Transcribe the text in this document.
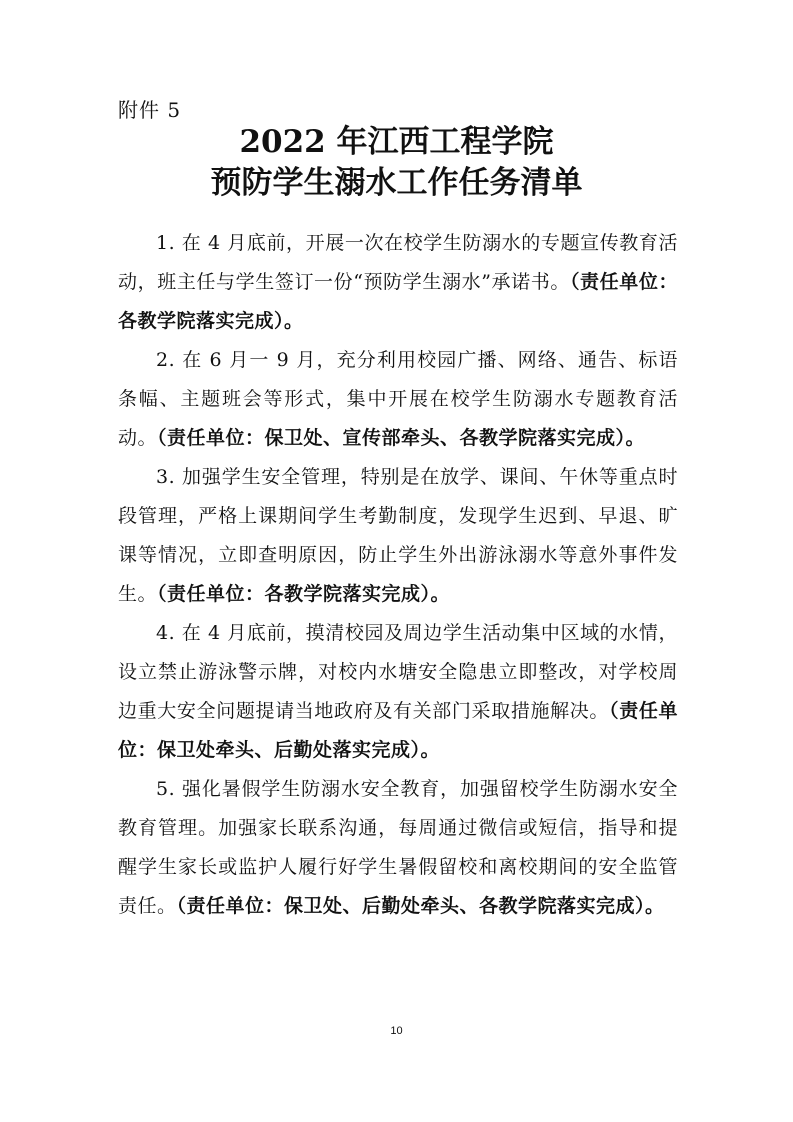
附件 5
2022 年江西工程学院
预防学生溺水工作任务清单

1. 在 4 月底前，开展一次在校学生防溺水的专题宣传教育活动，班主任与学生签订一份“预防学生溺水”承诺书。（责任单位：各教学院落实完成）。

2. 在 6 月一 9 月，充分利用校园广播、网络、通告、标语条幅、主题班会等形式，集中开展在校学生防溺水专题教育活动。（责任单位：保卫处、宣传部牵头、各教学院落实完成）。

3. 加强学生安全管理，特别是在放学、课间、午休等重点时段管理，严格上课期间学生考勤制度，发现学生迟到、早退、旷课等情况，立即查明原因，防止学生外出游泳溺水等意外事件发生。（责任单位：各教学院落实完成）。

4. 在 4 月底前，摸清校园及周边学生活动集中区域的水情，设立禁止游泳警示牌，对校内水塘安全隐患立即整改，对学校周边重大安全问题提请当地政府及有关部门采取措施解决。（责任单位：保卫处牵头、后勤处落实完成）。

5. 强化暑假学生防溺水安全教育，加强留校学生防溺水安全教育管理。加强家长联系沟通，每周通过微信或短信，指导和提醒学生家长或监护人履行好学生暑假留校和离校期间的安全监管责任。（责任单位：保卫处、后勤处牵头、各教学院落实完成）。

10
